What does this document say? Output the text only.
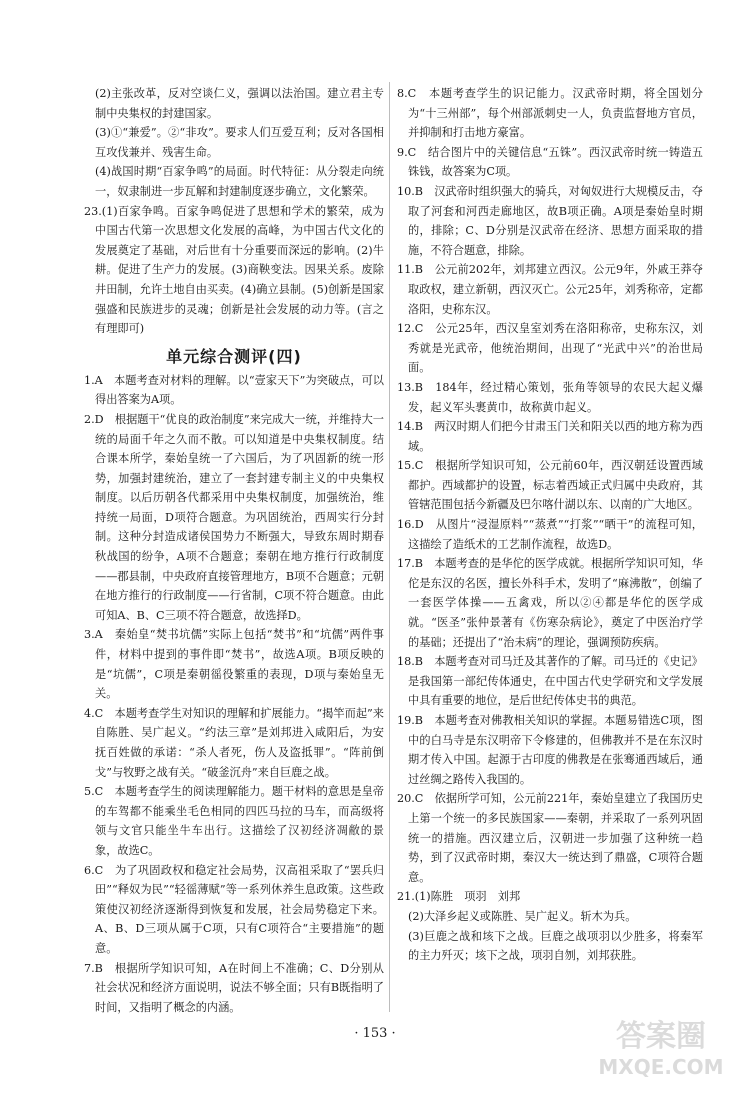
(2)主张改革，反对空谈仁义，强调以法治国。建立君主专制中央集权的封建国家。

(3)①“兼爱”。②“非攻”。要求人们互爱互利；反对各国相互攻伐兼并、残害生命。

(4)战国时期“百家争鸣”的局面。时代特征：从分裂走向统一，奴隶制进一步瓦解和封建制度逐步确立，文化繁荣。

23.(1)百家争鸣。百家争鸣促进了思想和学术的繁荣，成为中国古代第一次思想文化发展的高峰，为中国古代文化的发展奠定了基础，对后世有十分重要而深远的影响。(2)牛耕。促进了生产力的发展。(3)商鞅变法。因果关系。废除井田制，允许土地自由买卖。(4)确立县制。(5)创新是国家强盛和民族进步的灵魂；创新是社会发展的动力等。(言之有理即可)

单元综合测评(四)

1.A　本题考查对材料的理解。以“壹家天下”为突破点，可以得出答案为A项。

2.D　根据题干“优良的政治制度”来完成大一统，并维持大一统的局面千年之久而不散。可以知道是中央集权制度。结合课本所学，秦始皇统一了六国后，为了巩固新的统一形势，加强封建统治，建立了一套封建专制主义的中央集权制度。以后历朝各代都采用中央集权制度，加强统治，维持统一局面，D项符合题意。为巩固统治，西周实行分封制。这种分封造成诸侯国势力不断强大，导致东周时期春秋战国的纷争，A项不合题意；秦朝在地方推行行政制度——郡县制，中央政府直接管理地方，B项不合题意；元朝在地方推行的行政制度——行省制，C项不符合题意。由此可知A、B、C三项不符合题意，故选择D。

3.A　秦始皇“焚书坑儒”实际上包括“焚书”和“坑儒”两件事件，材料中提到的事件即“焚书”，故选A项。B项反映的是“坑儒”，C项是秦朝徭役繁重的表现，D项与秦始皇无关。

4.C　本题考查学生对知识的理解和扩展能力。“揭竿而起”来自陈胜、吴广起义。“约法三章”是刘邦进入咸阳后，为安抚百姓做的承诺：“杀人者死，伤人及盗抵罪”。“阵前倒戈”与牧野之战有关。“破釜沉舟”来自巨鹿之战。

5.C　本题考查学生的阅读理解能力。题干材料的意思是皇帝的车驾都不能乘坐毛色相同的四匹马拉的马车，而高级将领与文官只能坐牛车出行。这描绘了汉初经济凋敝的景象，故选C。

6.C　为了巩固政权和稳定社会局势，汉高祖采取了“罢兵归田”“释奴为民”“轻徭薄赋”等一系列休养生息政策。这些政策使汉初经济逐渐得到恢复和发展，社会局势稳定下来。A、B、D三项从属于C项，只有C项符合“主要措施”的题意。

7.B　根据所学知识可知，A在时间上不准确；C、D分别从社会状况和经济方面说明，说法不够全面；只有B既指明了时间，又指明了概念的内涵。

8.C　本题考查学生的识记能力。汉武帝时期，将全国划分为“十三州部”，每个州部派刺史一人，负责监督地方官员，并抑制和打击地方豪富。

9.C　结合图片中的关键信息“五铢”。西汉武帝时统一铸造五铢钱，故答案为C项。

10.B　汉武帝时组织强大的骑兵，对匈奴进行大规模反击，夺取了河套和河西走廊地区，故B项正确。A项是秦始皇时期的，排除；C、D分别是汉武帝在经济、思想方面采取的措施，不符合题意，排除。

11.B　公元前202年，刘邦建立西汉。公元9年，外戚王莽夺取政权，建立新朝，西汉灭亡。公元25年，刘秀称帝，定都洛阳，史称东汉。

12.C　公元25年，西汉皇室刘秀在洛阳称帝，史称东汉，刘秀就是光武帝，他统治期间，出现了“光武中兴”的治世局面。

13.B　184年，经过精心策划，张角等领导的农民大起义爆发，起义军头裹黄巾，故称黄巾起义。

14.B　两汉时期人们把今甘肃玉门关和阳关以西的地方称为西域。

15.C　根据所学知识可知，公元前60年，西汉朝廷设置西域都护。西域都护的设置，标志着西域正式归属中央政府，其管辖范围包括今新疆及巴尔喀什湖以东、以南的广大地区。

16.D　从图片“浸湿原料”“蒸煮”“打浆”“晒干”的流程可知，这描绘了造纸术的工艺制作流程，故选D。

17.B　本题考查的是华佗的医学成就。根据所学知识可知，华佗是东汉的名医，擅长外科手术，发明了“麻沸散”，创编了一套医学体操——五禽戏，所以②④都是华佗的医学成就。“医圣”张仲景著有《伤寒杂病论》，奠定了中医治疗学的基础；还提出了“治未病”的理论，强调预防疾病。

18.B　本题考查对司马迁及其著作的了解。司马迁的《史记》是我国第一部纪传体通史，在中国古代史学研究和文学发展中具有重要的地位，是后世纪传体史书的典范。

19.B　本题考查对佛教相关知识的掌握。本题易错选C项，图中的白马寺是东汉明帝下令修建的，但佛教并不是在东汉时期才传入中国。起源于古印度的佛教是在张骞通西域后，通过丝绸之路传入我国的。

20.C　依据所学可知，公元前221年，秦始皇建立了我国历史上第一个统一的多民族国家——秦朝，并采取了一系列巩固统一的措施。西汉建立后，汉朝进一步加强了这种统一趋势，到了汉武帝时期，秦汉大一统达到了鼎盛，C项符合题意。

21.(1)陈胜　项羽　刘邦

(2)大泽乡起义或陈胜、吴广起义。斩木为兵。

(3)巨鹿之战和垓下之战。巨鹿之战项羽以少胜多，将秦军的主力歼灭；垓下之战，项羽自刎，刘邦获胜。

· 153 ·	答案圈
MXQE.COM
